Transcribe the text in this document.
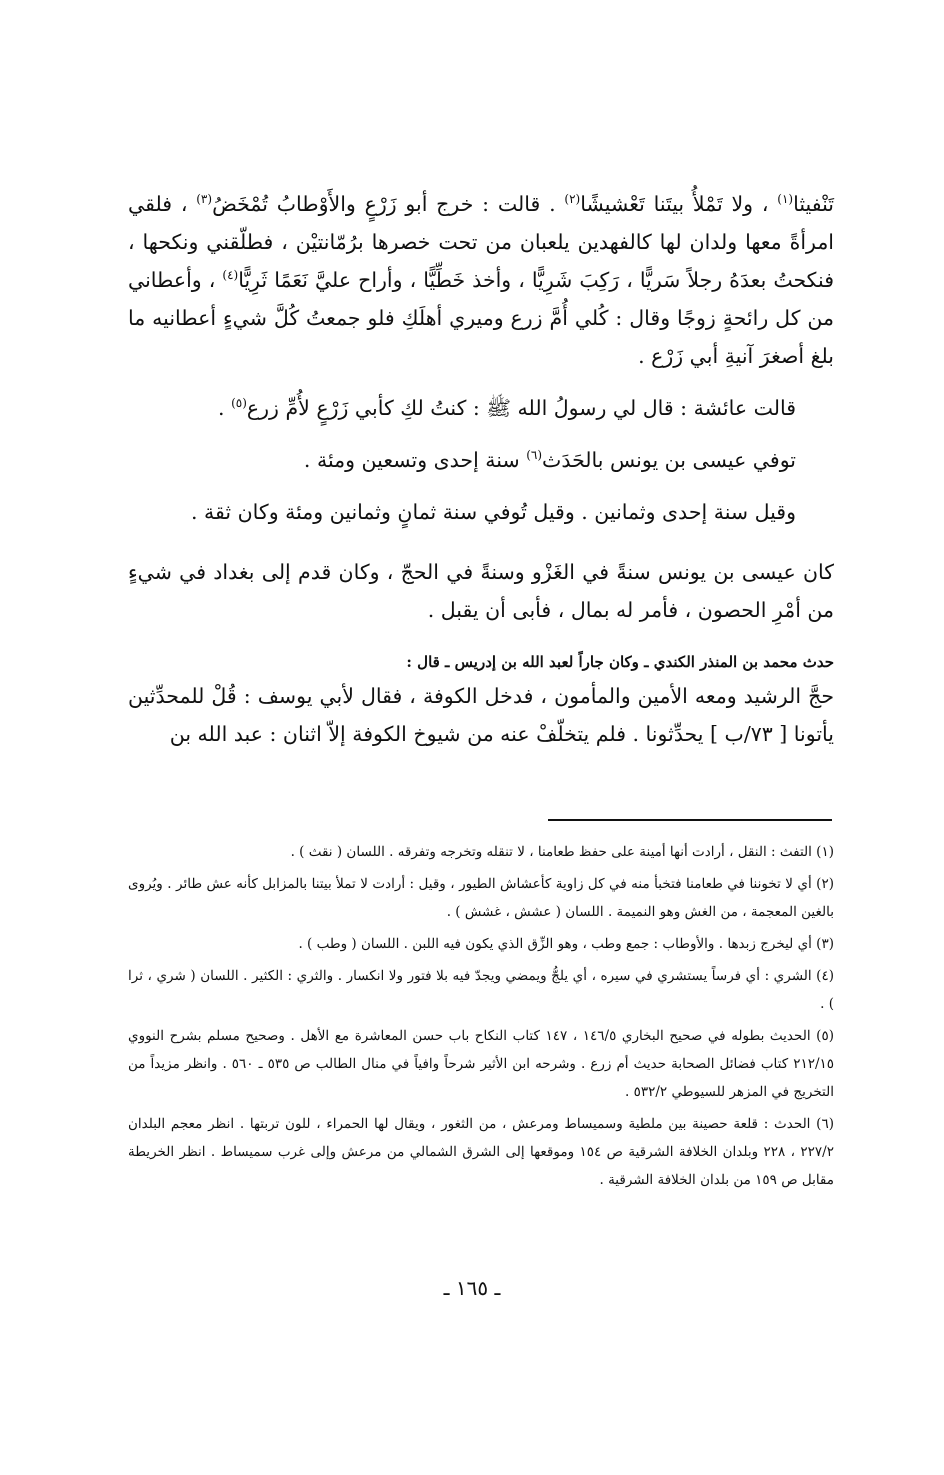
تَنْفيثا$^{(١)}$ ، ولا تَمْلأُ بيتَنا تَعْشيشًا$^{(٢)}$ . قالت : خرج أبو زَرْعٍ والأَوْطابُ تُمْخَضُ$^{(٣)}$ ، فلقي امرأةً معها ولدان لها كالفهدين يلعبان من تحت خصرها برُمّانتيْن ، فطلّقني ونكحها ، فنكحتُ بعدَهُ رجلاً سَريًّا ، رَكِبَ شَرِيًّا ، وأخذ خَطِّيًّا ، وأراح عليَّ نَعَمًا ثَرِيًّا$^{(٤)}$ ، وأعطاني من كل رائحةٍ زوجًا وقال : كُلي أُمَّ زرع وميري أهلَكِ فلو جمعتُ كُلَّ شيءٍ أعطانيه ما بلغ أصغرَ آنيةِ أبي زَرْع .

قالت عائشة : قال لي رسولُ الله ﷺ : كنتُ لكِ كأبي زَرْعٍ لأُمِّ زرع$^{(٥)}$ .

توفي عيسى بن يونس بالحَدَث$^{(٦)}$ سنة إحدى وتسعين ومئة .

وقيل سنة إحدى وثمانين . وقيل تُوفي سنة ثمانٍ وثمانين ومئة وكان ثقة .

كان عيسى بن يونس سنةً في الغَزْو وسنةً في الحجّ ، وكان قدم إلى بغداد في شيءٍ من أمْرِ الحصون ، فأمر له بمال ، فأبى أن يقبل .

حدث محمد بن المنذر الكندي ـ وكان جاراً لعبد الله بن إدريس ـ قال :

حجَّ الرشيد ومعه الأمين والمأمون ، فدخل الكوفة ، فقال لأبي يوسف : قُلْ للمحدِّثين يأتونا [ ٧٣/ب ] يحدِّثونا . فلم يتخلّفْ عنه من شيوخ الكوفة إلاّ اثنان : عبد الله بن

(١) التفث : النقل ، أرادت أنها أمينة على حفظ طعامنا ، لا تنقله وتخرجه وتفرقه . اللسان ( نقث ) .

(٢) أي لا تخوننا في طعامنا فتخبأ منه في كل زاوية كأعشاش الطيور ، وقيل : أرادت لا تملأ بيتنا بالمزابل كأنه عش طائر . ويُروى بالغين المعجمة ، من الغش وهو النميمة . اللسان ( عشش ، غشش ) .

(٣) أي ليخرج زبدها . والأوطاب : جمع وطب ، وهو الزِّق الذي يكون فيه اللبن . اللسان ( وطب ) .

(٤) الشري : أي فرساً يستشري في سيره ، أي يلجُّ ويمضي ويجدّ فيه بلا فتور ولا انكسار . والثري : الكثير . اللسان ( شري ، ثرا ) .

(٥) الحديث بطوله في صحيح البخاري ١٤٦/٥ ، ١٤٧ كتاب النكاح باب حسن المعاشرة مع الأهل . وصحيح مسلم بشرح النووي ٢١٢/١٥ كتاب فضائل الصحابة حديث أم زرع . وشرحه ابن الأثير شرحاً وافياً في منال الطالب ص ٥٣٥ ـ ٥٦٠ . وانظر مزيداً من التخريج في المزهر للسيوطي ٥٣٢/٢ .

(٦) الحدث : قلعة حصينة بين ملطية وسميساط ومرعش ، من الثغور ، ويقال لها الحمراء ، للون تربتها . انظر معجم البلدان ٢٢٧/٢ ، ٢٢٨ وبلدان الخلافة الشرقية ص ١٥٤ وموقعها إلى الشرق الشمالي من مرعش وإلى غرب سميساط . انظر الخريطة مقابل ص ١٥٩ من بلدان الخلافة الشرقية .

ـ ١٦٥ ـ
